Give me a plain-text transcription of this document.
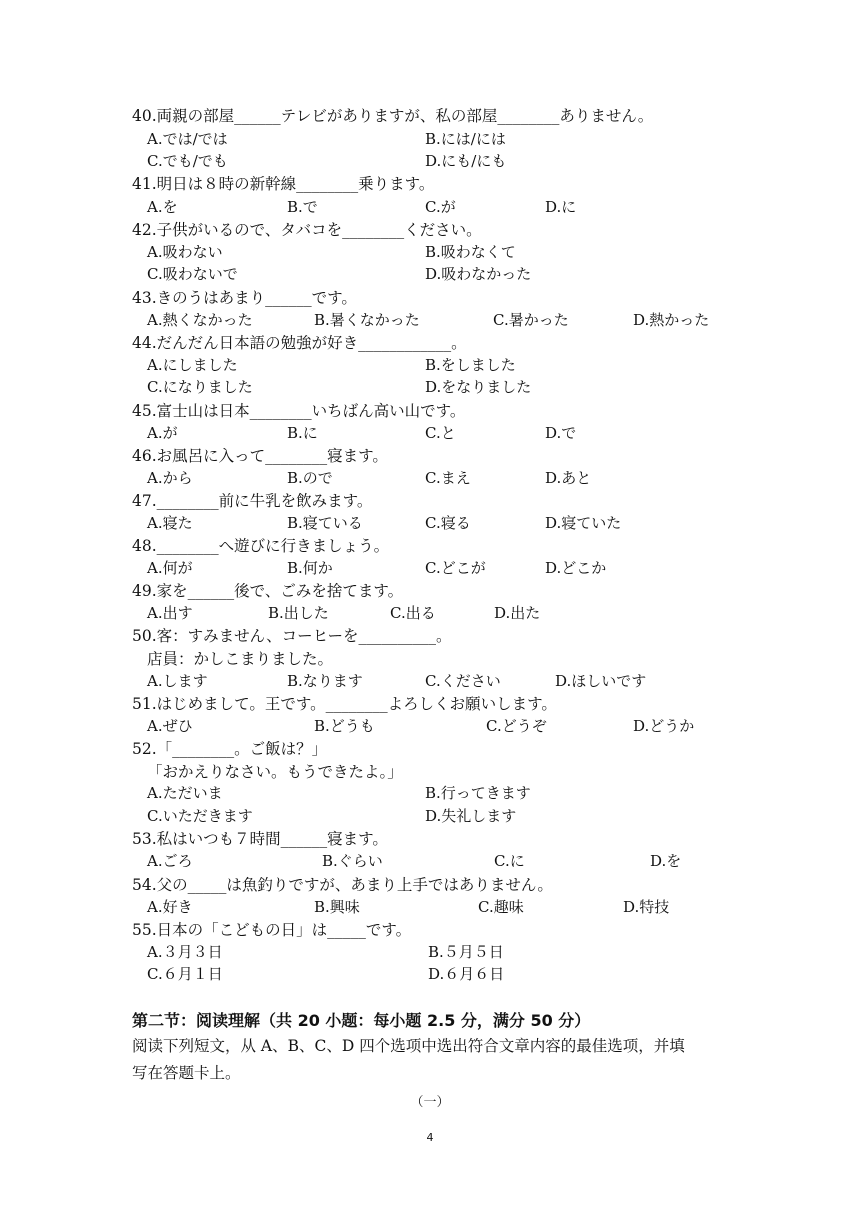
40.両親の部屋______テレビがありますが、私の部屋________ありません。
A.では/では	B.には/には
C.でも/でも	D.にも/にも
41.明日は８時の新幹線________乗ります。
A.を	B.で	C.が	D.に
42.子供がいるので、タバコを________ください。
A.吸わない	B.吸わなくて
C.吸わないで	D.吸わなかった
43.きのうはあまり______です。
A.熱くなかった	B.暑くなかった	C.暑かった	D.熱かった
44.だんだん日本語の勉強が好き____________。
A.にしました	B.をしました
C.になりました	D.をなりました
45.富士山は日本________いちばん高い山です。
A.が	B.に	C.と	D.で
46.お風呂に入って________寝ます。
A.から	B.ので	C.まえ	D.あと
47.________前に牛乳を飲みます。
A.寝た	B.寝ている	C.寝る	D.寝ていた
48.________へ遊びに行きましょう。
A.何が	B.何か	C.どこが	D.どこか
49.家を______後で、ごみを捨てます。
A.出す	B.出した	C.出る	D.出た
50.客：すみません、コーヒーを__________。
店員：かしこまりました。
A.します	B.なります	C.ください	D.ほしいです
51.はじめまして。王です。________よろしくお願いします。
A.ぜひ	B.どうも	C.どうぞ	D.どうか
52.「________。ご飯は？」
「おかえりなさい。もうできたよ。」
A.ただいま	B.行ってきます
C.いただきます	D.失礼します
53.私はいつも７時間______寝ます。
A.ごろ	B.ぐらい	C.に	D.を
54.父の_____は魚釣りですが、あまり上手ではありません。
A.好き	B.興味	C.趣味	D.特技
55.日本の「こどもの日」は_____です。
A.３月３日	B.５月５日
C.６月１日	D.６月６日
第二节：阅读理解（共 20 小题：每小题 2.5 分，满分 50 分）
阅读下列短文，从 A、B、C、D 四个选项中选出符合文章内容的最佳选项，并填
写在答题卡上。
（一）
4
